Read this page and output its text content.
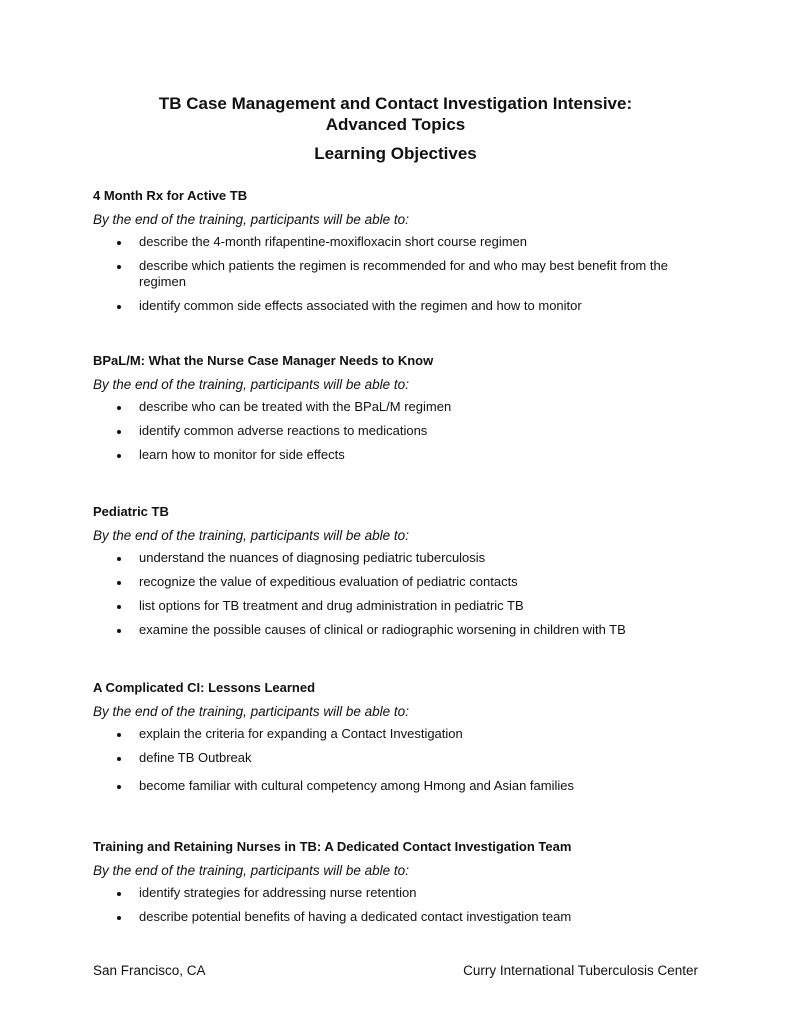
TB Case Management and Contact Investigation Intensive:
Advanced Topics
Learning Objectives
4 Month Rx for Active TB

By the end of the training, participants will be able to:

describe the 4-month rifapentine-moxifloxacin short course regimen
describe which patients the regimen is recommended for and who may best benefit from the regimen
identify common side effects associated with the regimen and how to monitor
BPaL/M: What the Nurse Case Manager Needs to Know

By the end of the training, participants will be able to:

describe who can be treated with the BPaL/M regimen
identify common adverse reactions to medications
learn how to monitor for side effects
Pediatric TB

By the end of the training, participants will be able to:

understand the nuances of diagnosing pediatric tuberculosis
recognize the value of expeditious evaluation of pediatric contacts
list options for TB treatment and drug administration in pediatric TB
examine the possible causes of clinical or radiographic worsening in children with TB
A Complicated CI: Lessons Learned

By the end of the training, participants will be able to:

explain the criteria for expanding a Contact Investigation
define TB Outbreak
become familiar with cultural competency among Hmong and Asian families
Training and Retaining Nurses in TB: A Dedicated Contact Investigation Team

By the end of the training, participants will be able to:

identify strategies for addressing nurse retention
describe potential benefits of having a dedicated contact investigation team

San Francisco, CA	Curry International Tuberculosis Center
